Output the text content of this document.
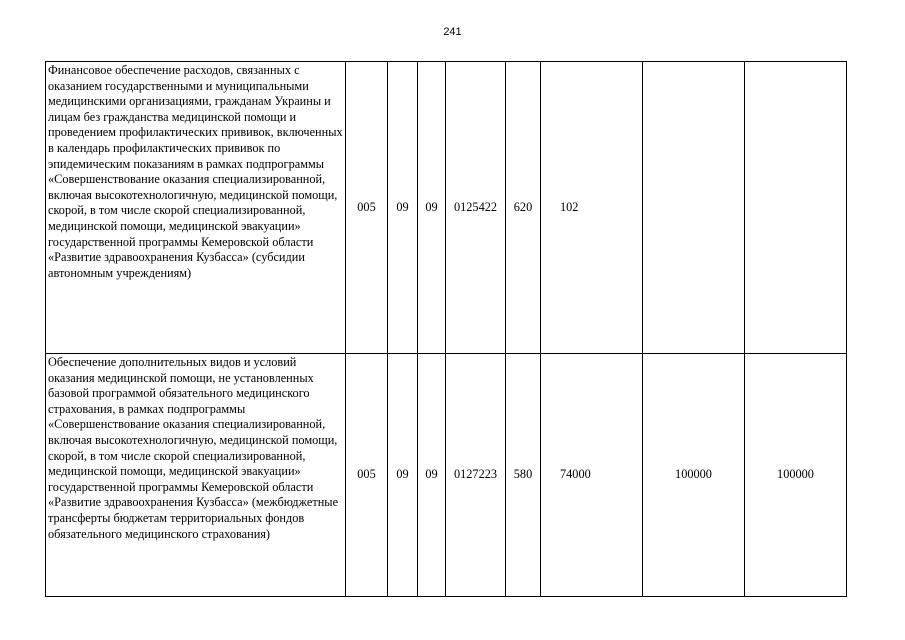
241
Финансовое обеспечение расходов, связанных с оказанием государственными и муниципальными медицинскими организациями, гражданам Украины и лицам без гражданства медицинской помощи и проведением профилактических прививок, включенных в календарь профилактических прививок по эпидемическим показаниям в рамках подпрограммы «Совершенствование оказания специализированной, включая высокотехнологичную, медицинской помощи, скорой, в том числе скорой специализированной, медицинской помощи, медицинской эвакуации» государственной программы Кемеровской области «Развитие здравоохранения Кузбасса» (субсидии автономным учреждениям)	005	09	09	0125422	620	102		
Обеспечение дополнительных видов и условий оказания медицинской помощи, не установленных базовой программой обязательного медицинского страхования, в рамках подпрограммы «Совершенствование оказания специализированной, включая высокотехнологичную, медицинской помощи, скорой, в том числе скорой специализированной, медицинской помощи, медицинской эвакуации» государственной программы Кемеровской области «Развитие здравоохранения Кузбасса» (межбюджетные трансферты бюджетам территориальных фондов обязательного медицинского страхования)	005	09	09	0127223	580	74000	100000	100000
